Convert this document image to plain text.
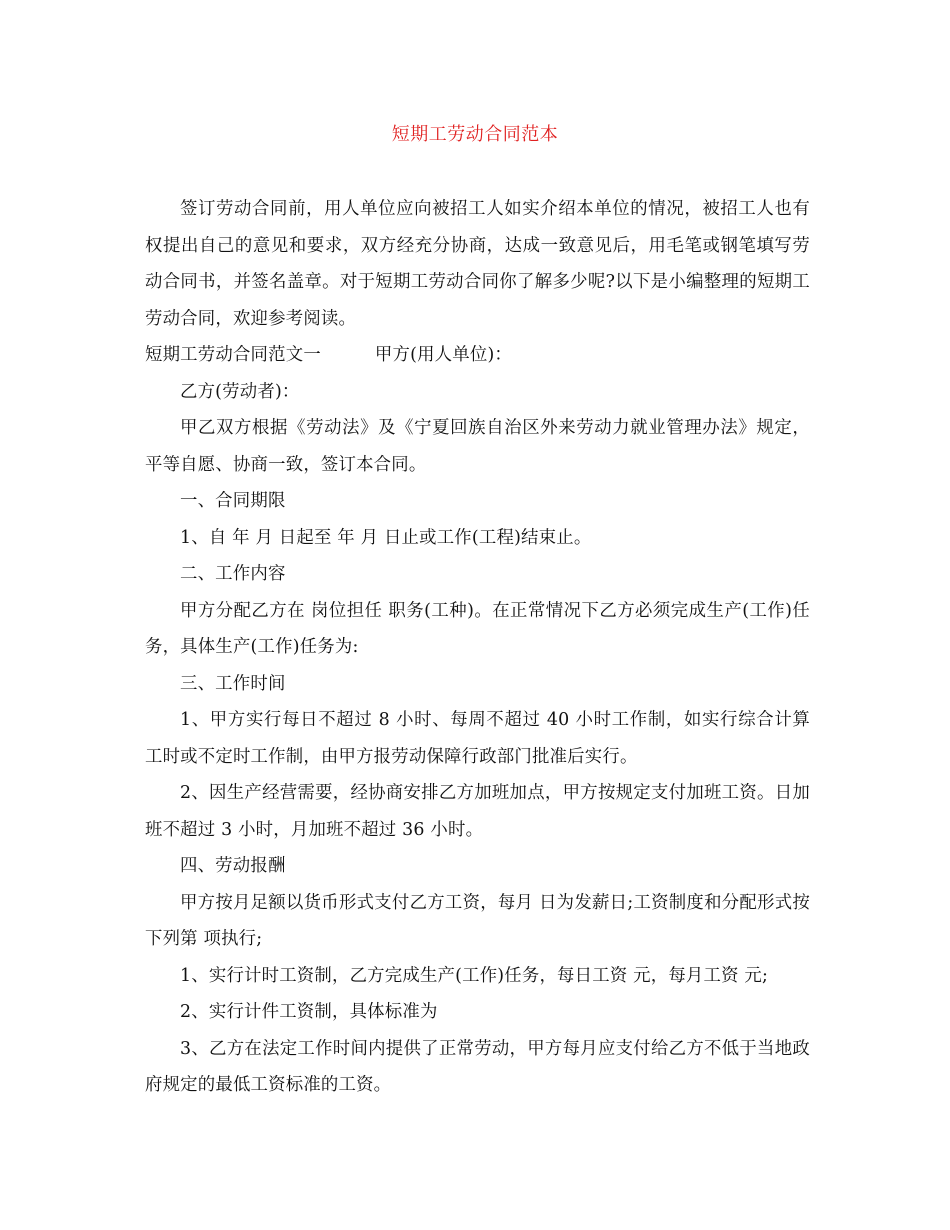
短期工劳动合同范本

签订劳动合同前，用人单位应向被招工人如实介绍本单位的情况，被招工人也有权提出自己的意见和要求，双方经充分协商，达成一致意见后，用毛笔或钢笔填写劳动合同书，并签名盖章。对于短期工劳动合同你了解多少呢?以下是小编整理的短期工劳动合同，欢迎参考阅读。

短期工劳动合同范文一	甲方(用人单位)：

乙方(劳动者)：

甲乙双方根据《劳动法》及《宁夏回族自治区外来劳动力就业管理办法》规定，平等自愿、协商一致，签订本合同。

一、合同期限

1、自 年 月 日起至 年 月 日止或工作(工程)结束止。

二、工作内容

甲方分配乙方在 岗位担任 职务(工种)。在正常情况下乙方必须完成生产(工作)任务，具体生产(工作)任务为:

三、工作时间

1、甲方实行每日不超过 8 小时、每周不超过 40 小时工作制，如实行综合计算工时或不定时工作制，由甲方报劳动保障行政部门批准后实行。

2、因生产经营需要，经协商安排乙方加班加点，甲方按规定支付加班工资。日加班不超过 3 小时，月加班不超过 36 小时。

四、劳动报酬

甲方按月足额以货币形式支付乙方工资，每月 日为发薪日;工资制度和分配形式按下列第 项执行;

1、实行计时工资制，乙方完成生产(工作)任务，每日工资 元，每月工资 元;

2、实行计件工资制，具体标准为

3、乙方在法定工作时间内提供了正常劳动，甲方每月应支付给乙方不低于当地政府规定的最低工资标准的工资。
